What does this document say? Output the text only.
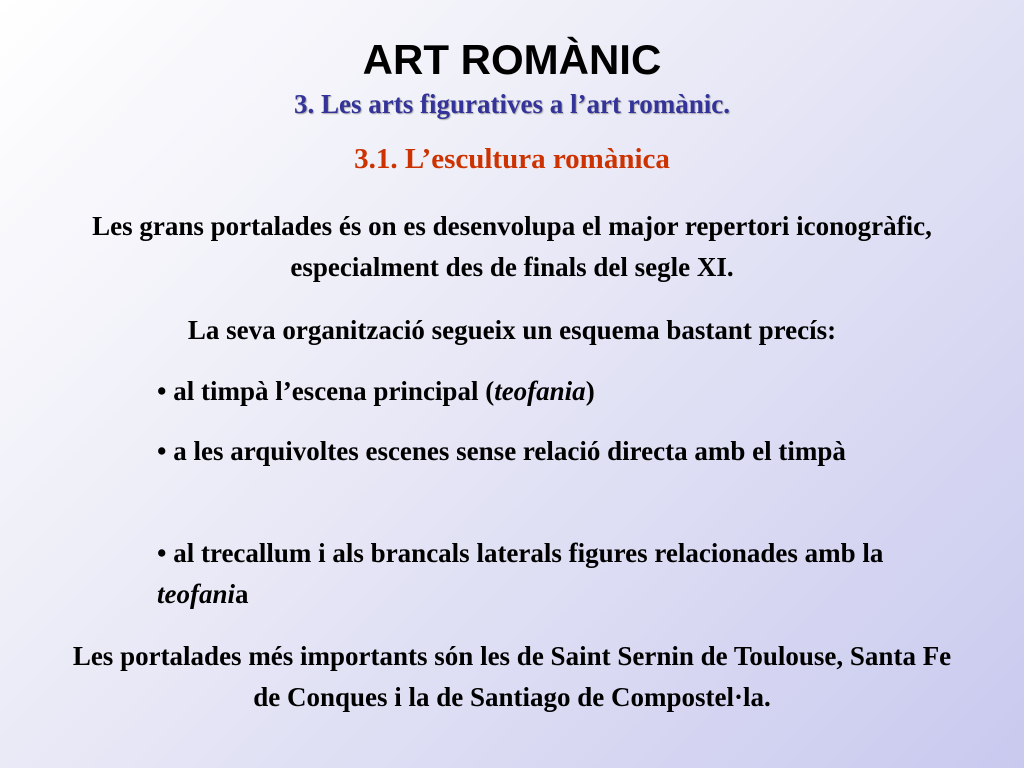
ART ROMÀNIC
3. Les arts figuratives a l’art romànic.
3.1. L’escultura romànica
Les grans portalades és on es desenvolupa el major repertori iconogràfic, especialment des de finals del segle XI.
La seva organització segueix un esquema bastant precís:
• al timpà l’escena principal (teofania)
• a les arquivoltes escenes sense relació directa amb el timpà
• al trecallum i als brancals laterals figures relacionades amb la teofania
Les portalades més importants són les de Saint Sernin de Toulouse, Santa Fe de Conques i la de Santiago de Compostel·la.
